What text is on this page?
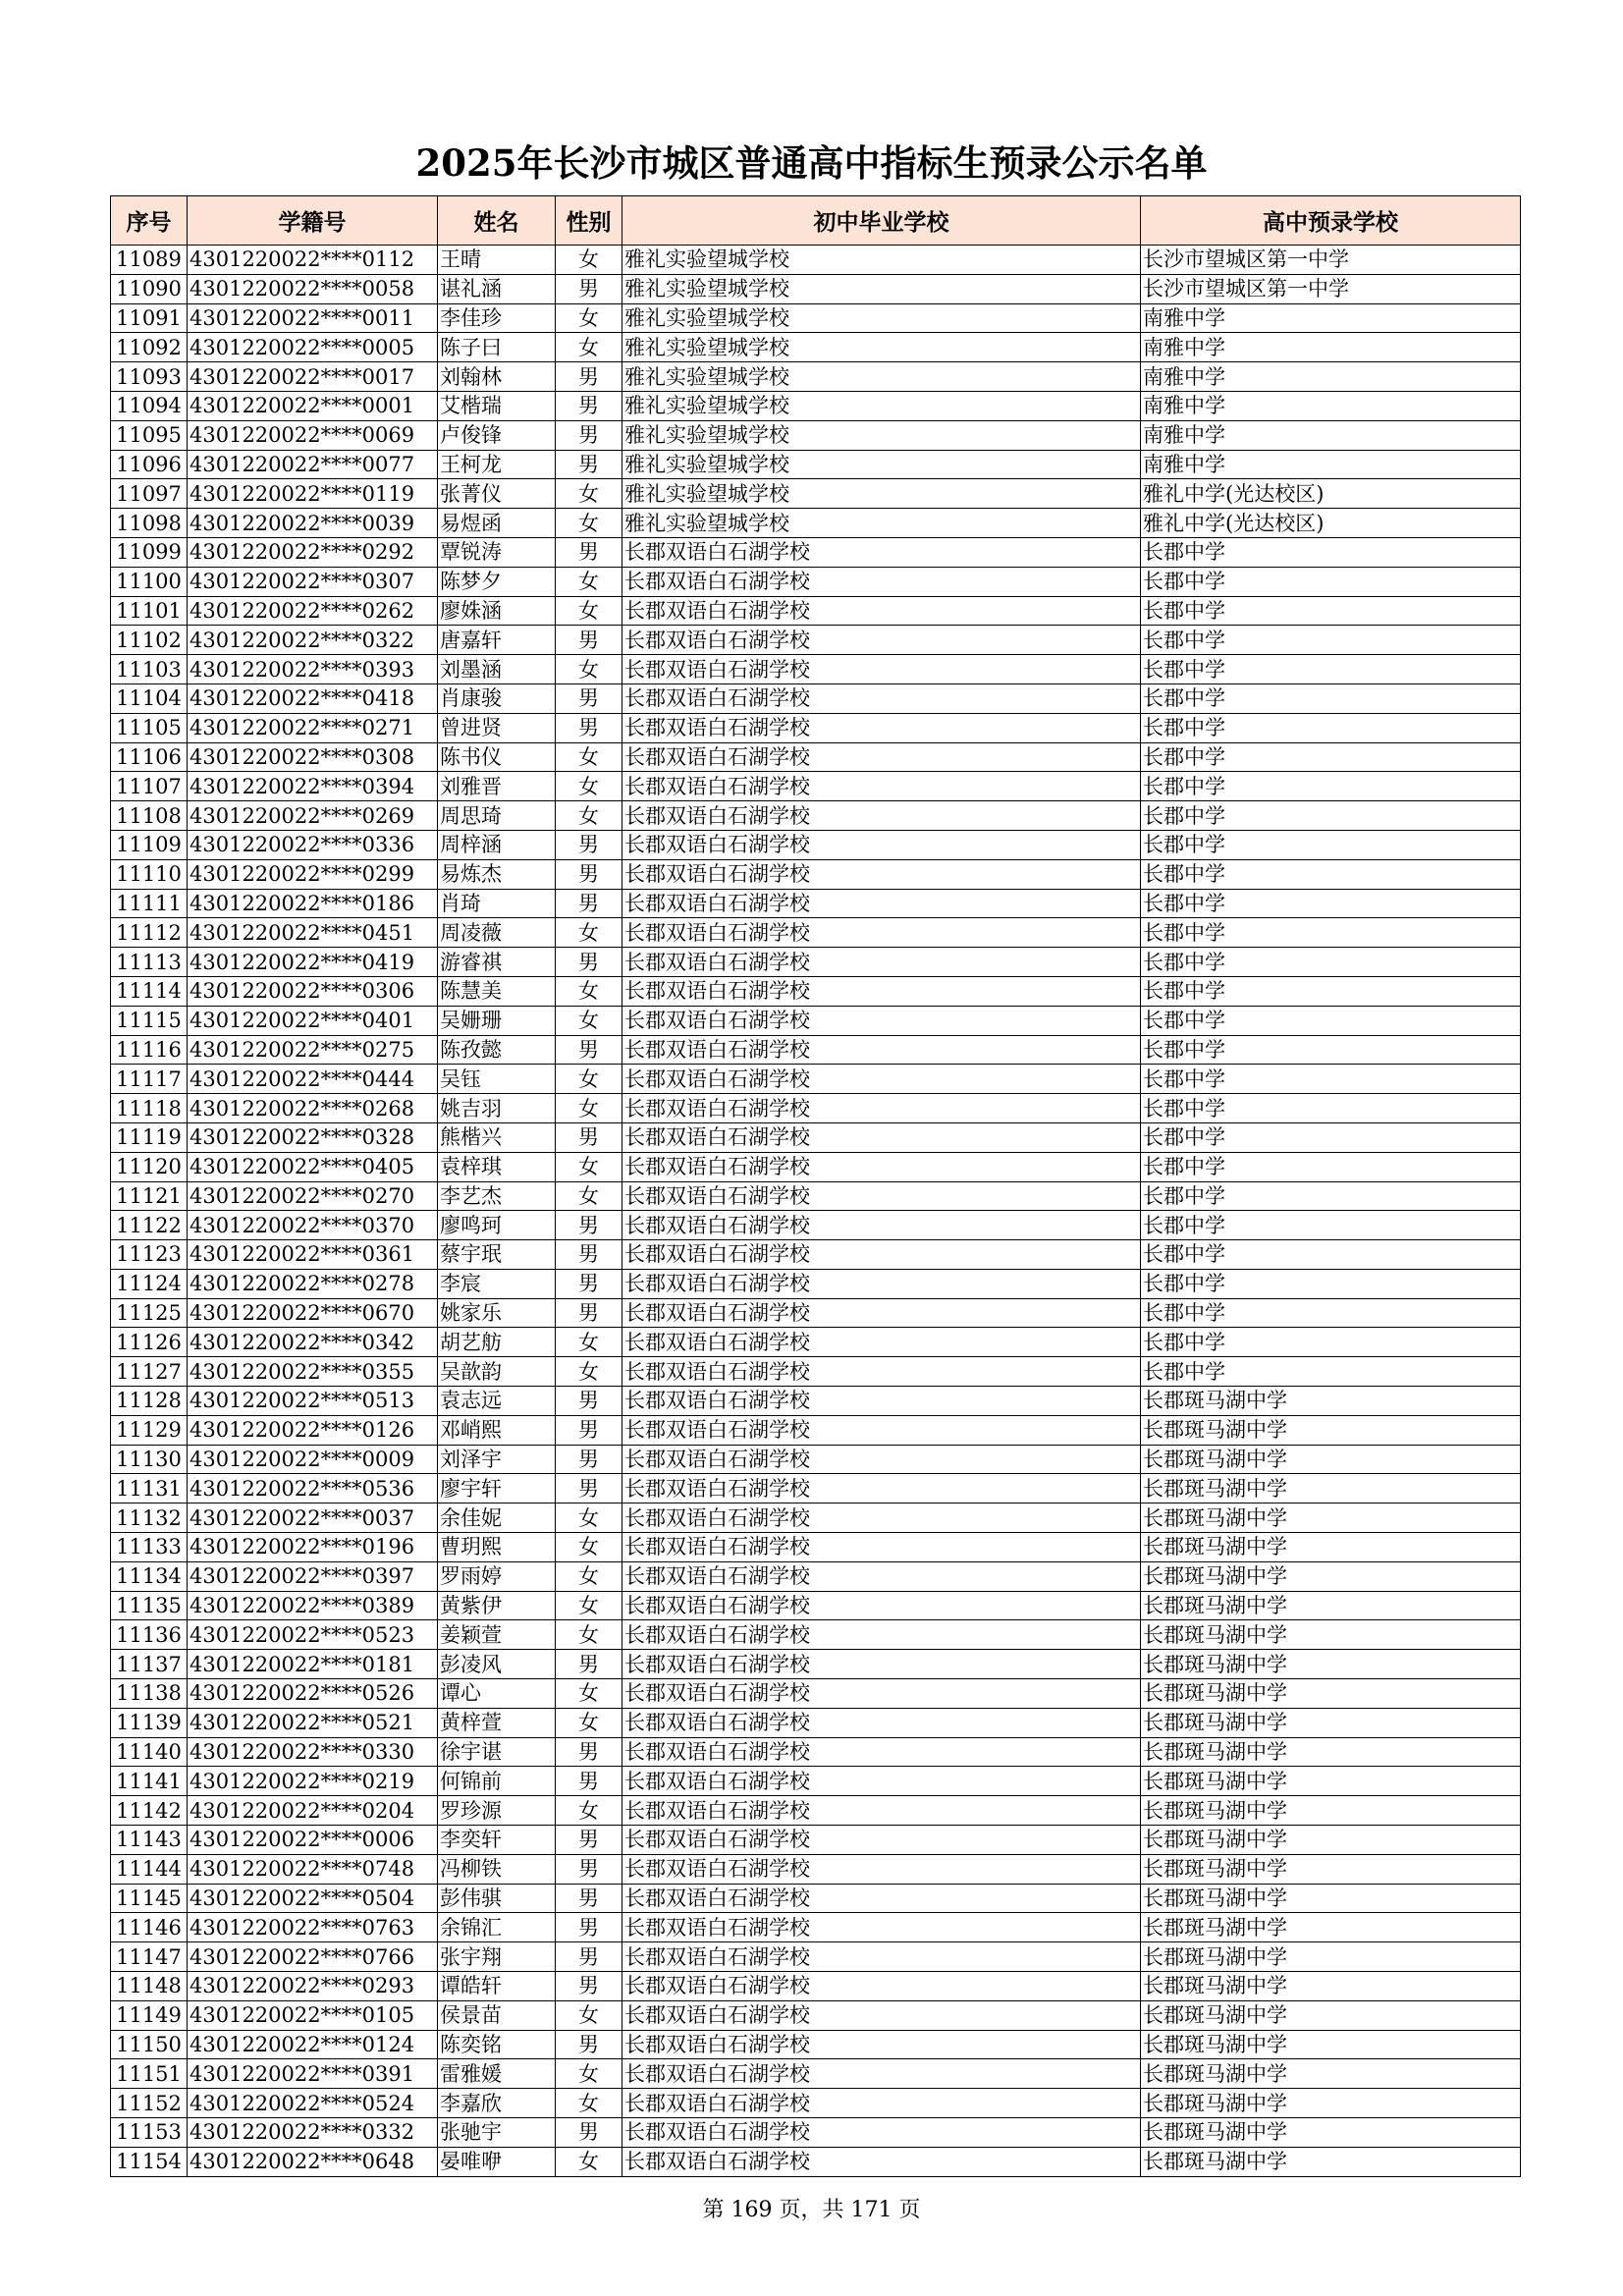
2025年长沙市城区普通高中指标生预录公示名单
序号	学籍号	姓名	性别	初中毕业学校	高中预录学校
11089	4301220022****0112	王晴	女	雅礼实验望城学校	长沙市望城区第一中学
11090	4301220022****0058	谌礼涵	男	雅礼实验望城学校	长沙市望城区第一中学
11091	4301220022****0011	李佳珍	女	雅礼实验望城学校	南雅中学
11092	4301220022****0005	陈子曰	女	雅礼实验望城学校	南雅中学
11093	4301220022****0017	刘翰林	男	雅礼实验望城学校	南雅中学
11094	4301220022****0001	艾楷瑞	男	雅礼实验望城学校	南雅中学
11095	4301220022****0069	卢俊锋	男	雅礼实验望城学校	南雅中学
11096	4301220022****0077	王柯龙	男	雅礼实验望城学校	南雅中学
11097	4301220022****0119	张菁仪	女	雅礼实验望城学校	雅礼中学(光达校区)
11098	4301220022****0039	易煜函	女	雅礼实验望城学校	雅礼中学(光达校区)
11099	4301220022****0292	覃锐涛	男	长郡双语白石湖学校	长郡中学
11100	4301220022****0307	陈梦夕	女	长郡双语白石湖学校	长郡中学
11101	4301220022****0262	廖姝涵	女	长郡双语白石湖学校	长郡中学
11102	4301220022****0322	唐嘉轩	男	长郡双语白石湖学校	长郡中学
11103	4301220022****0393	刘墨涵	女	长郡双语白石湖学校	长郡中学
11104	4301220022****0418	肖康骏	男	长郡双语白石湖学校	长郡中学
11105	4301220022****0271	曾进贤	男	长郡双语白石湖学校	长郡中学
11106	4301220022****0308	陈书仪	女	长郡双语白石湖学校	长郡中学
11107	4301220022****0394	刘雅晋	女	长郡双语白石湖学校	长郡中学
11108	4301220022****0269	周思琦	女	长郡双语白石湖学校	长郡中学
11109	4301220022****0336	周梓涵	男	长郡双语白石湖学校	长郡中学
11110	4301220022****0299	易炼杰	男	长郡双语白石湖学校	长郡中学
11111	4301220022****0186	肖琦	男	长郡双语白石湖学校	长郡中学
11112	4301220022****0451	周凌薇	女	长郡双语白石湖学校	长郡中学
11113	4301220022****0419	游睿祺	男	长郡双语白石湖学校	长郡中学
11114	4301220022****0306	陈慧美	女	长郡双语白石湖学校	长郡中学
11115	4301220022****0401	吴姗珊	女	长郡双语白石湖学校	长郡中学
11116	4301220022****0275	陈孜懿	男	长郡双语白石湖学校	长郡中学
11117	4301220022****0444	吴钰	女	长郡双语白石湖学校	长郡中学
11118	4301220022****0268	姚吉羽	女	长郡双语白石湖学校	长郡中学
11119	4301220022****0328	熊楷兴	男	长郡双语白石湖学校	长郡中学
11120	4301220022****0405	袁梓琪	女	长郡双语白石湖学校	长郡中学
11121	4301220022****0270	李艺杰	女	长郡双语白石湖学校	长郡中学
11122	4301220022****0370	廖鸣珂	男	长郡双语白石湖学校	长郡中学
11123	4301220022****0361	蔡宇珉	男	长郡双语白石湖学校	长郡中学
11124	4301220022****0278	李宸	男	长郡双语白石湖学校	长郡中学
11125	4301220022****0670	姚家乐	男	长郡双语白石湖学校	长郡中学
11126	4301220022****0342	胡艺舫	女	长郡双语白石湖学校	长郡中学
11127	4301220022****0355	吴歆韵	女	长郡双语白石湖学校	长郡中学
11128	4301220022****0513	袁志远	男	长郡双语白石湖学校	长郡斑马湖中学
11129	4301220022****0126	邓峭熙	男	长郡双语白石湖学校	长郡斑马湖中学
11130	4301220022****0009	刘泽宇	男	长郡双语白石湖学校	长郡斑马湖中学
11131	4301220022****0536	廖宇轩	男	长郡双语白石湖学校	长郡斑马湖中学
11132	4301220022****0037	余佳妮	女	长郡双语白石湖学校	长郡斑马湖中学
11133	4301220022****0196	曹玥熙	女	长郡双语白石湖学校	长郡斑马湖中学
11134	4301220022****0397	罗雨婷	女	长郡双语白石湖学校	长郡斑马湖中学
11135	4301220022****0389	黄紫伊	女	长郡双语白石湖学校	长郡斑马湖中学
11136	4301220022****0523	姜颖萱	女	长郡双语白石湖学校	长郡斑马湖中学
11137	4301220022****0181	彭凌风	男	长郡双语白石湖学校	长郡斑马湖中学
11138	4301220022****0526	谭心	女	长郡双语白石湖学校	长郡斑马湖中学
11139	4301220022****0521	黄梓萱	女	长郡双语白石湖学校	长郡斑马湖中学
11140	4301220022****0330	徐宇谌	男	长郡双语白石湖学校	长郡斑马湖中学
11141	4301220022****0219	何锦前	男	长郡双语白石湖学校	长郡斑马湖中学
11142	4301220022****0204	罗珍源	女	长郡双语白石湖学校	长郡斑马湖中学
11143	4301220022****0006	李奕轩	男	长郡双语白石湖学校	长郡斑马湖中学
11144	4301220022****0748	冯柳铁	男	长郡双语白石湖学校	长郡斑马湖中学
11145	4301220022****0504	彭伟骐	男	长郡双语白石湖学校	长郡斑马湖中学
11146	4301220022****0763	余锦汇	男	长郡双语白石湖学校	长郡斑马湖中学
11147	4301220022****0766	张宇翔	男	长郡双语白石湖学校	长郡斑马湖中学
11148	4301220022****0293	谭皓轩	男	长郡双语白石湖学校	长郡斑马湖中学
11149	4301220022****0105	侯景苗	女	长郡双语白石湖学校	长郡斑马湖中学
11150	4301220022****0124	陈奕铭	男	长郡双语白石湖学校	长郡斑马湖中学
11151	4301220022****0391	雷雅媛	女	长郡双语白石湖学校	长郡斑马湖中学
11152	4301220022****0524	李嘉欣	女	长郡双语白石湖学校	长郡斑马湖中学
11153	4301220022****0332	张驰宇	男	长郡双语白石湖学校	长郡斑马湖中学
11154	4301220022****0648	晏唯咿	女	长郡双语白石湖学校	长郡斑马湖中学
第 169 页，共 171 页
